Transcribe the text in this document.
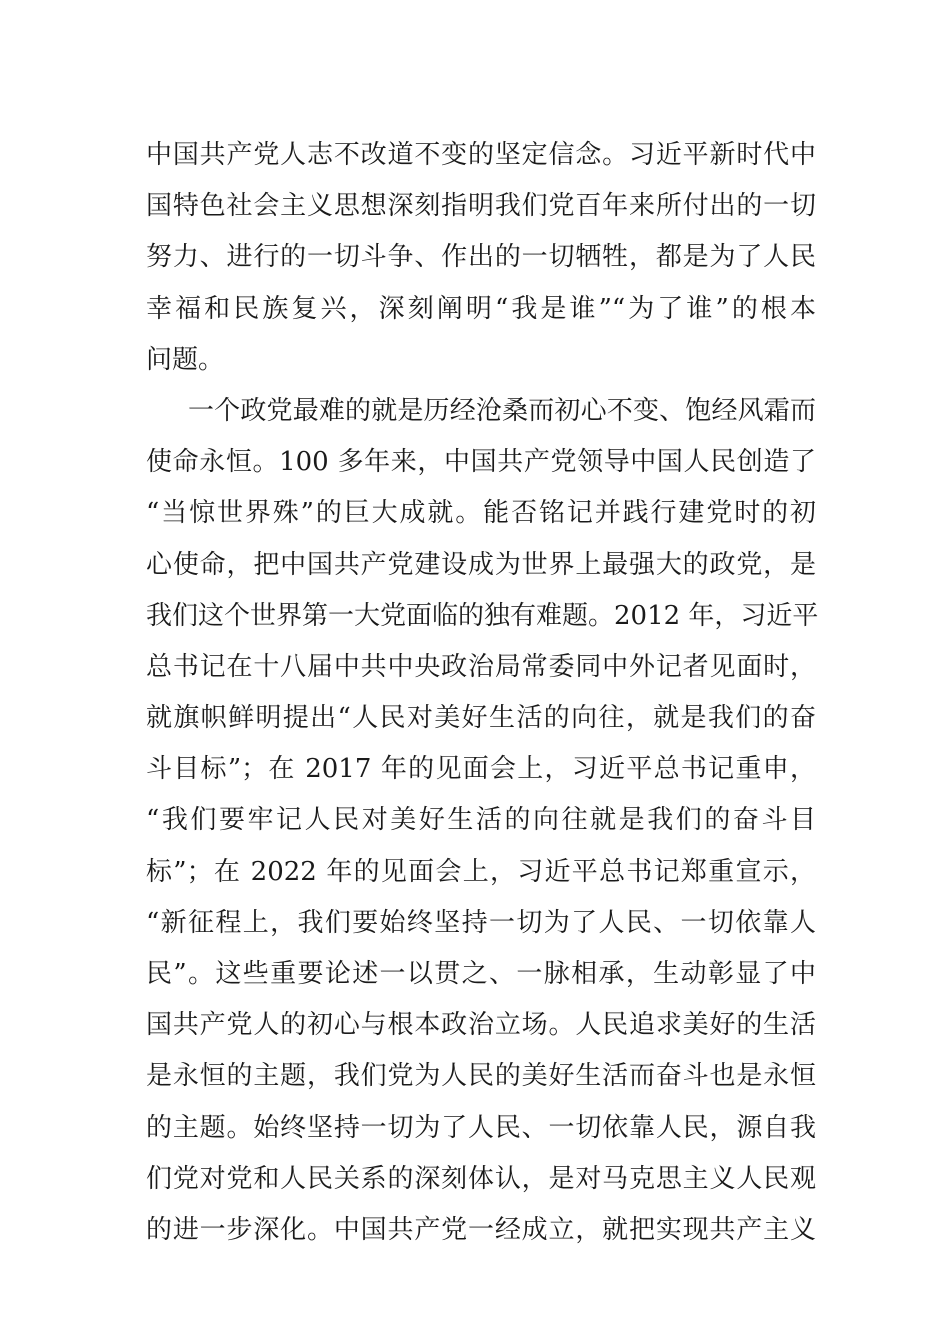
中国共产党人志不改道不变的坚定信念。习近平新时代中
国特色社会主义思想深刻指明我们党百年来所付出的一切
努力、进行的一切斗争、作出的一切牺牲，都是为了人民
幸福和民族复兴，深刻阐明“我是谁”“为了谁”的根本
问题。
一个政党最难的就是历经沧桑而初心不变、饱经风霜而
使命永恒。100 多年来，中国共产党领导中国人民创造了
“当惊世界殊”的巨大成就。能否铭记并践行建党时的初
心使命，把中国共产党建设成为世界上最强大的政党，是
我们这个世界第一大党面临的独有难题。2012 年，习近平
总书记在十八届中共中央政治局常委同中外记者见面时，
就旗帜鲜明提出“人民对美好生活的向往，就是我们的奋
斗目标”；在 2017 年的见面会上，习近平总书记重申，
“我们要牢记人民对美好生活的向往就是我们的奋斗目
标”；在 2022 年的见面会上，习近平总书记郑重宣示，
“新征程上，我们要始终坚持一切为了人民、一切依靠人
民”。这些重要论述一以贯之、一脉相承，生动彰显了中
国共产党人的初心与根本政治立场。人民追求美好的生活
是永恒的主题，我们党为人民的美好生活而奋斗也是永恒
的主题。始终坚持一切为了人民、一切依靠人民，源自我
们党对党和人民关系的深刻体认，是对马克思主义人民观
的进一步深化。中国共产党一经成立，就把实现共产主义
